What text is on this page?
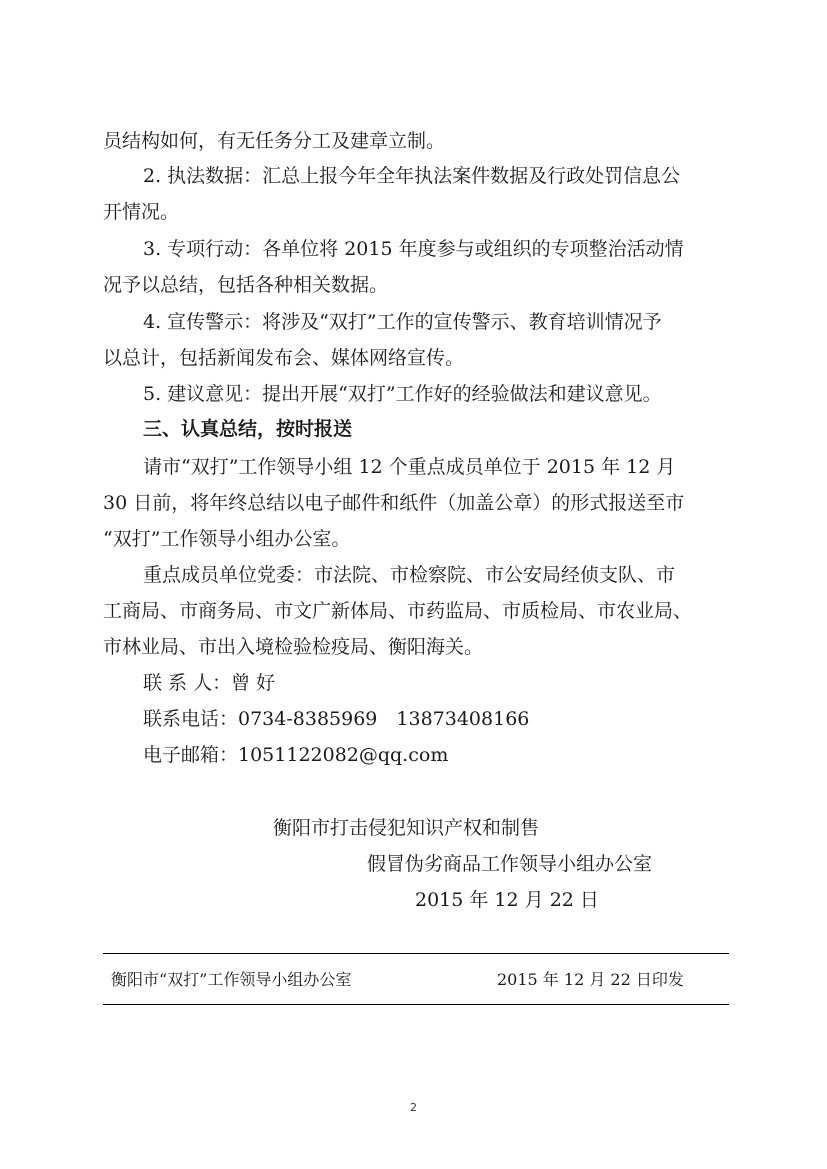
员结构如何，有无任务分工及建章立制。
2. 执法数据：汇总上报今年全年执法案件数据及行政处罚信息公
开情况。
3. 专项行动：各单位将 2015 年度参与或组织的专项整治活动情
况予以总结，包括各种相关数据。
4. 宣传警示：将涉及“双打”工作的宣传警示、教育培训情况予
以总计，包括新闻发布会、媒体网络宣传。
5. 建议意见：提出开展“双打”工作好的经验做法和建议意见。
三、认真总结，按时报送
请市“双打”工作领导小组 12 个重点成员单位于 2015 年 12 月
30 日前，将年终总结以电子邮件和纸件（加盖公章）的形式报送至市
“双打”工作领导小组办公室。
重点成员单位党委：市法院、市检察院、市公安局经侦支队、市
工商局、市商务局、市文广新体局、市药监局、市质检局、市农业局、
市林业局、市出入境检验检疫局、衡阳海关。
联 系 人：曾 好
联系电话：0734-8385969　13873408166
电子邮箱：1051122082@qq.com
衡阳市打击侵犯知识产权和制售
假冒伪劣商品工作领导小组办公室
2015 年 12 月 22 日
衡阳市“双打”工作领导小组办公室	2015 年 12 月 22 日印发
2
